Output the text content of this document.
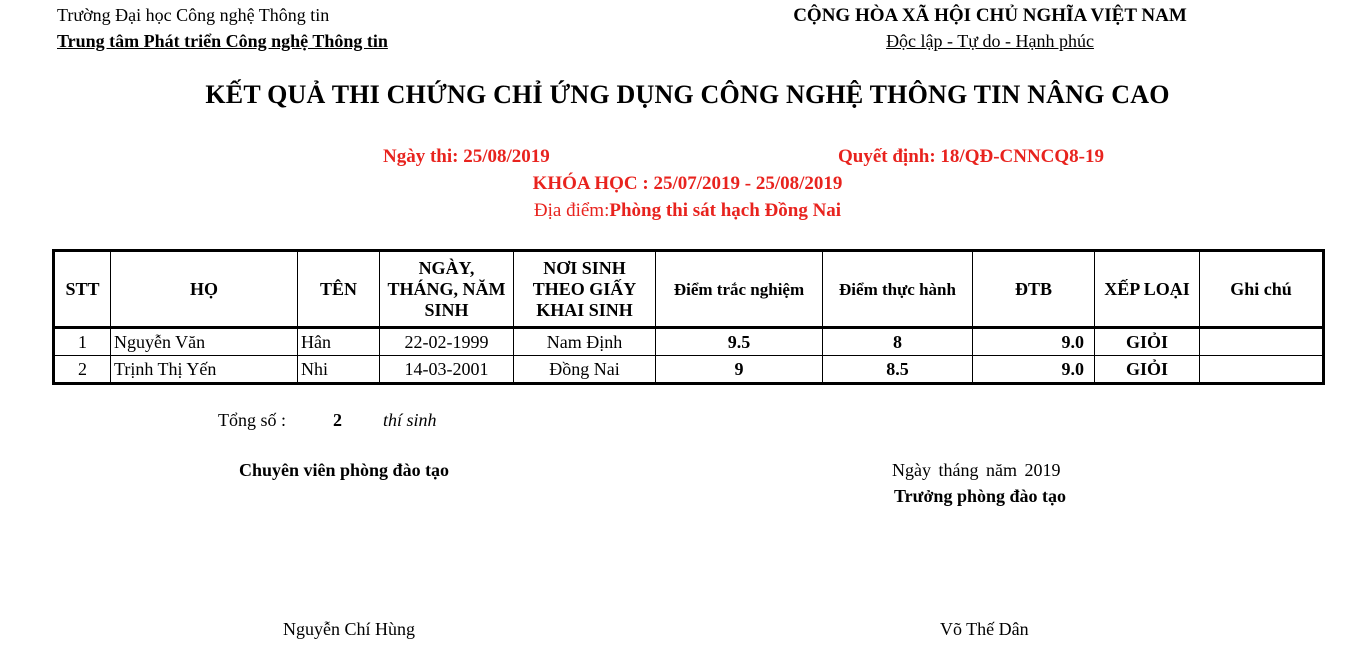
Trường Đại học Công nghệ Thông tin
Trung tâm Phát triển Công nghệ Thông tin
CỘNG HÒA XÃ HỘI CHỦ NGHĨA VIỆT NAM
Độc lập - Tự do - Hạnh phúc
KẾT QUẢ THI CHỨNG CHỈ ỨNG DỤNG CÔNG NGHỆ THÔNG TIN NÂNG CAO
Ngày thi: 25/08/2019	Quyết định: 18/QĐ-CNNCQ8-19
KHÓA HỌC : 25/07/2019 - 25/08/2019
Địa điểm:Phòng thi sát hạch Đồng Nai
STT	HỌ	TÊN	NGÀY, THÁNG, NĂM SINH	NƠI SINH THEO GIẤY KHAI SINH	Điểm trắc nghiệm	Điểm thực hành	ĐTB	XẾP LOẠI	Ghi chú
1	Nguyễn Văn	Hân	22-02-1999	Nam Định	9.5	8	9.0	GIỎI	
2	Trịnh Thị Yến	Nhi	14-03-2001	Đồng Nai	9	8.5	9.0	GIỎI	
Tổng số :	2 thí sinh
Chuyên viên phòng đào tạo	Ngày tháng năm 2019
Trưởng phòng đào tạo
Nguyễn Chí Hùng	Võ Thế Dân
